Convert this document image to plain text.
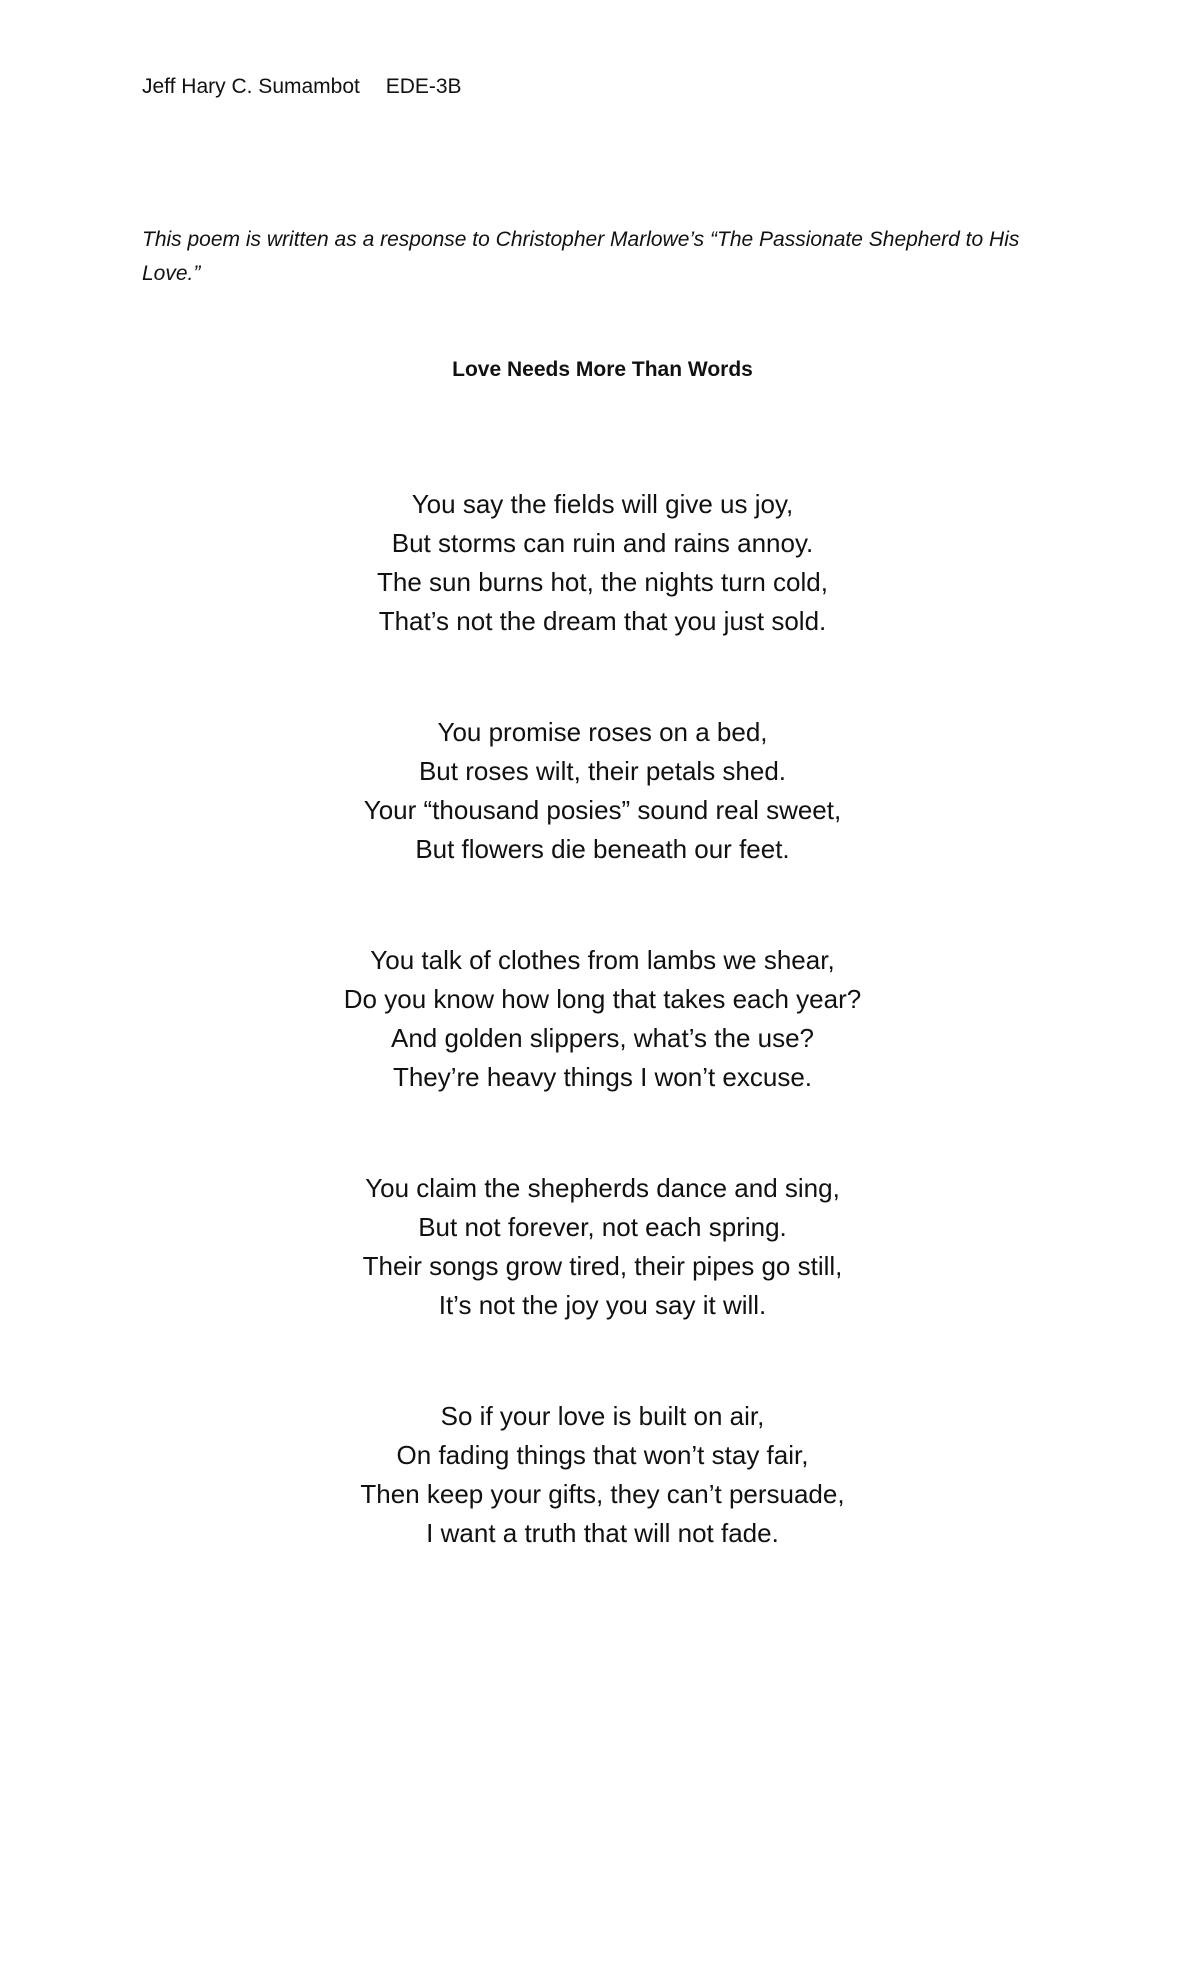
Jeff Hary C. Sumambot EDE-3B
This poem is written as a response to Christopher Marlowe’s “The Passionate Shepherd to His Love.”
Love Needs More Than Words
You say the fields will give us joy,
But storms can ruin and rains annoy.
The sun burns hot, the nights turn cold,
That’s not the dream that you just sold.
You promise roses on a bed,
But roses wilt, their petals shed.
Your “thousand posies” sound real sweet,
But flowers die beneath our feet.
You talk of clothes from lambs we shear,
Do you know how long that takes each year?
And golden slippers, what’s the use?
They’re heavy things I won’t excuse.
You claim the shepherds dance and sing,
But not forever, not each spring.
Their songs grow tired, their pipes go still,
It’s not the joy you say it will.
So if your love is built on air,
On fading things that won’t stay fair,
Then keep your gifts, they can’t persuade,
I want a truth that will not fade.
